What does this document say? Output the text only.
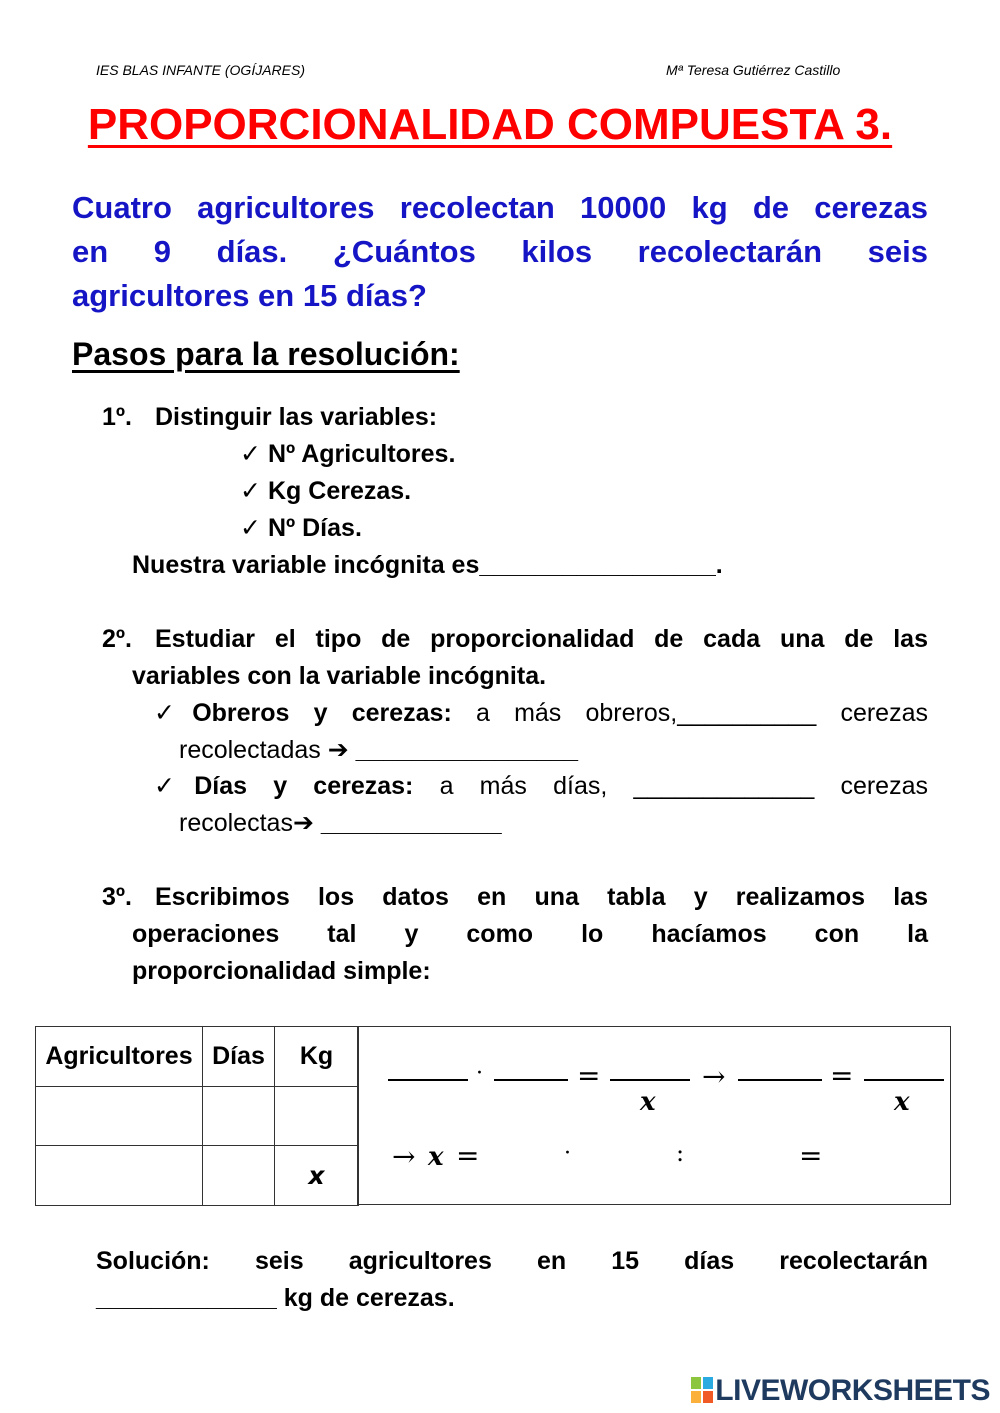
IES BLAS INFANTE (OGÍJARES)	Mª Teresa Gutiérrez Castillo
PROPORCIONALIDAD COMPUESTA 3.
Cuatro agricultores recolectan 10000 kg de cerezas
en 9 días. ¿Cuántos kilos recolectarán seis
agricultores en 15 días?
Pasos para la resolución:
1º. Distinguir las variables:
✓ Nº Agricultores.
✓ Kg Cerezas.
✓ Nº Días.
Nuestra variable incógnita es_________________.
2º. Estudiar el tipo de proporcionalidad de cada una de las
variables con la variable incógnita.
✓Obreros y cerezas: a más obreros,__________ cerezas
recolectadas ➔ ________________
✓Días y cerezas: a más días, _____________ cerezas
recolectas➔ _____________
3º. Escribimos los datos en una tabla y realizamos las
operaciones tal y como lo hacíamos con la
proporcionalidad simple:
Agricultores	Días	Kg

		x
·	=
𝒙
→	=
𝒙
→ 𝒙 =	·	:	=
Solución: seis agricultores en 15 días recolectarán
_____________ kg de cerezas.
LIVEWORKSHEETS
